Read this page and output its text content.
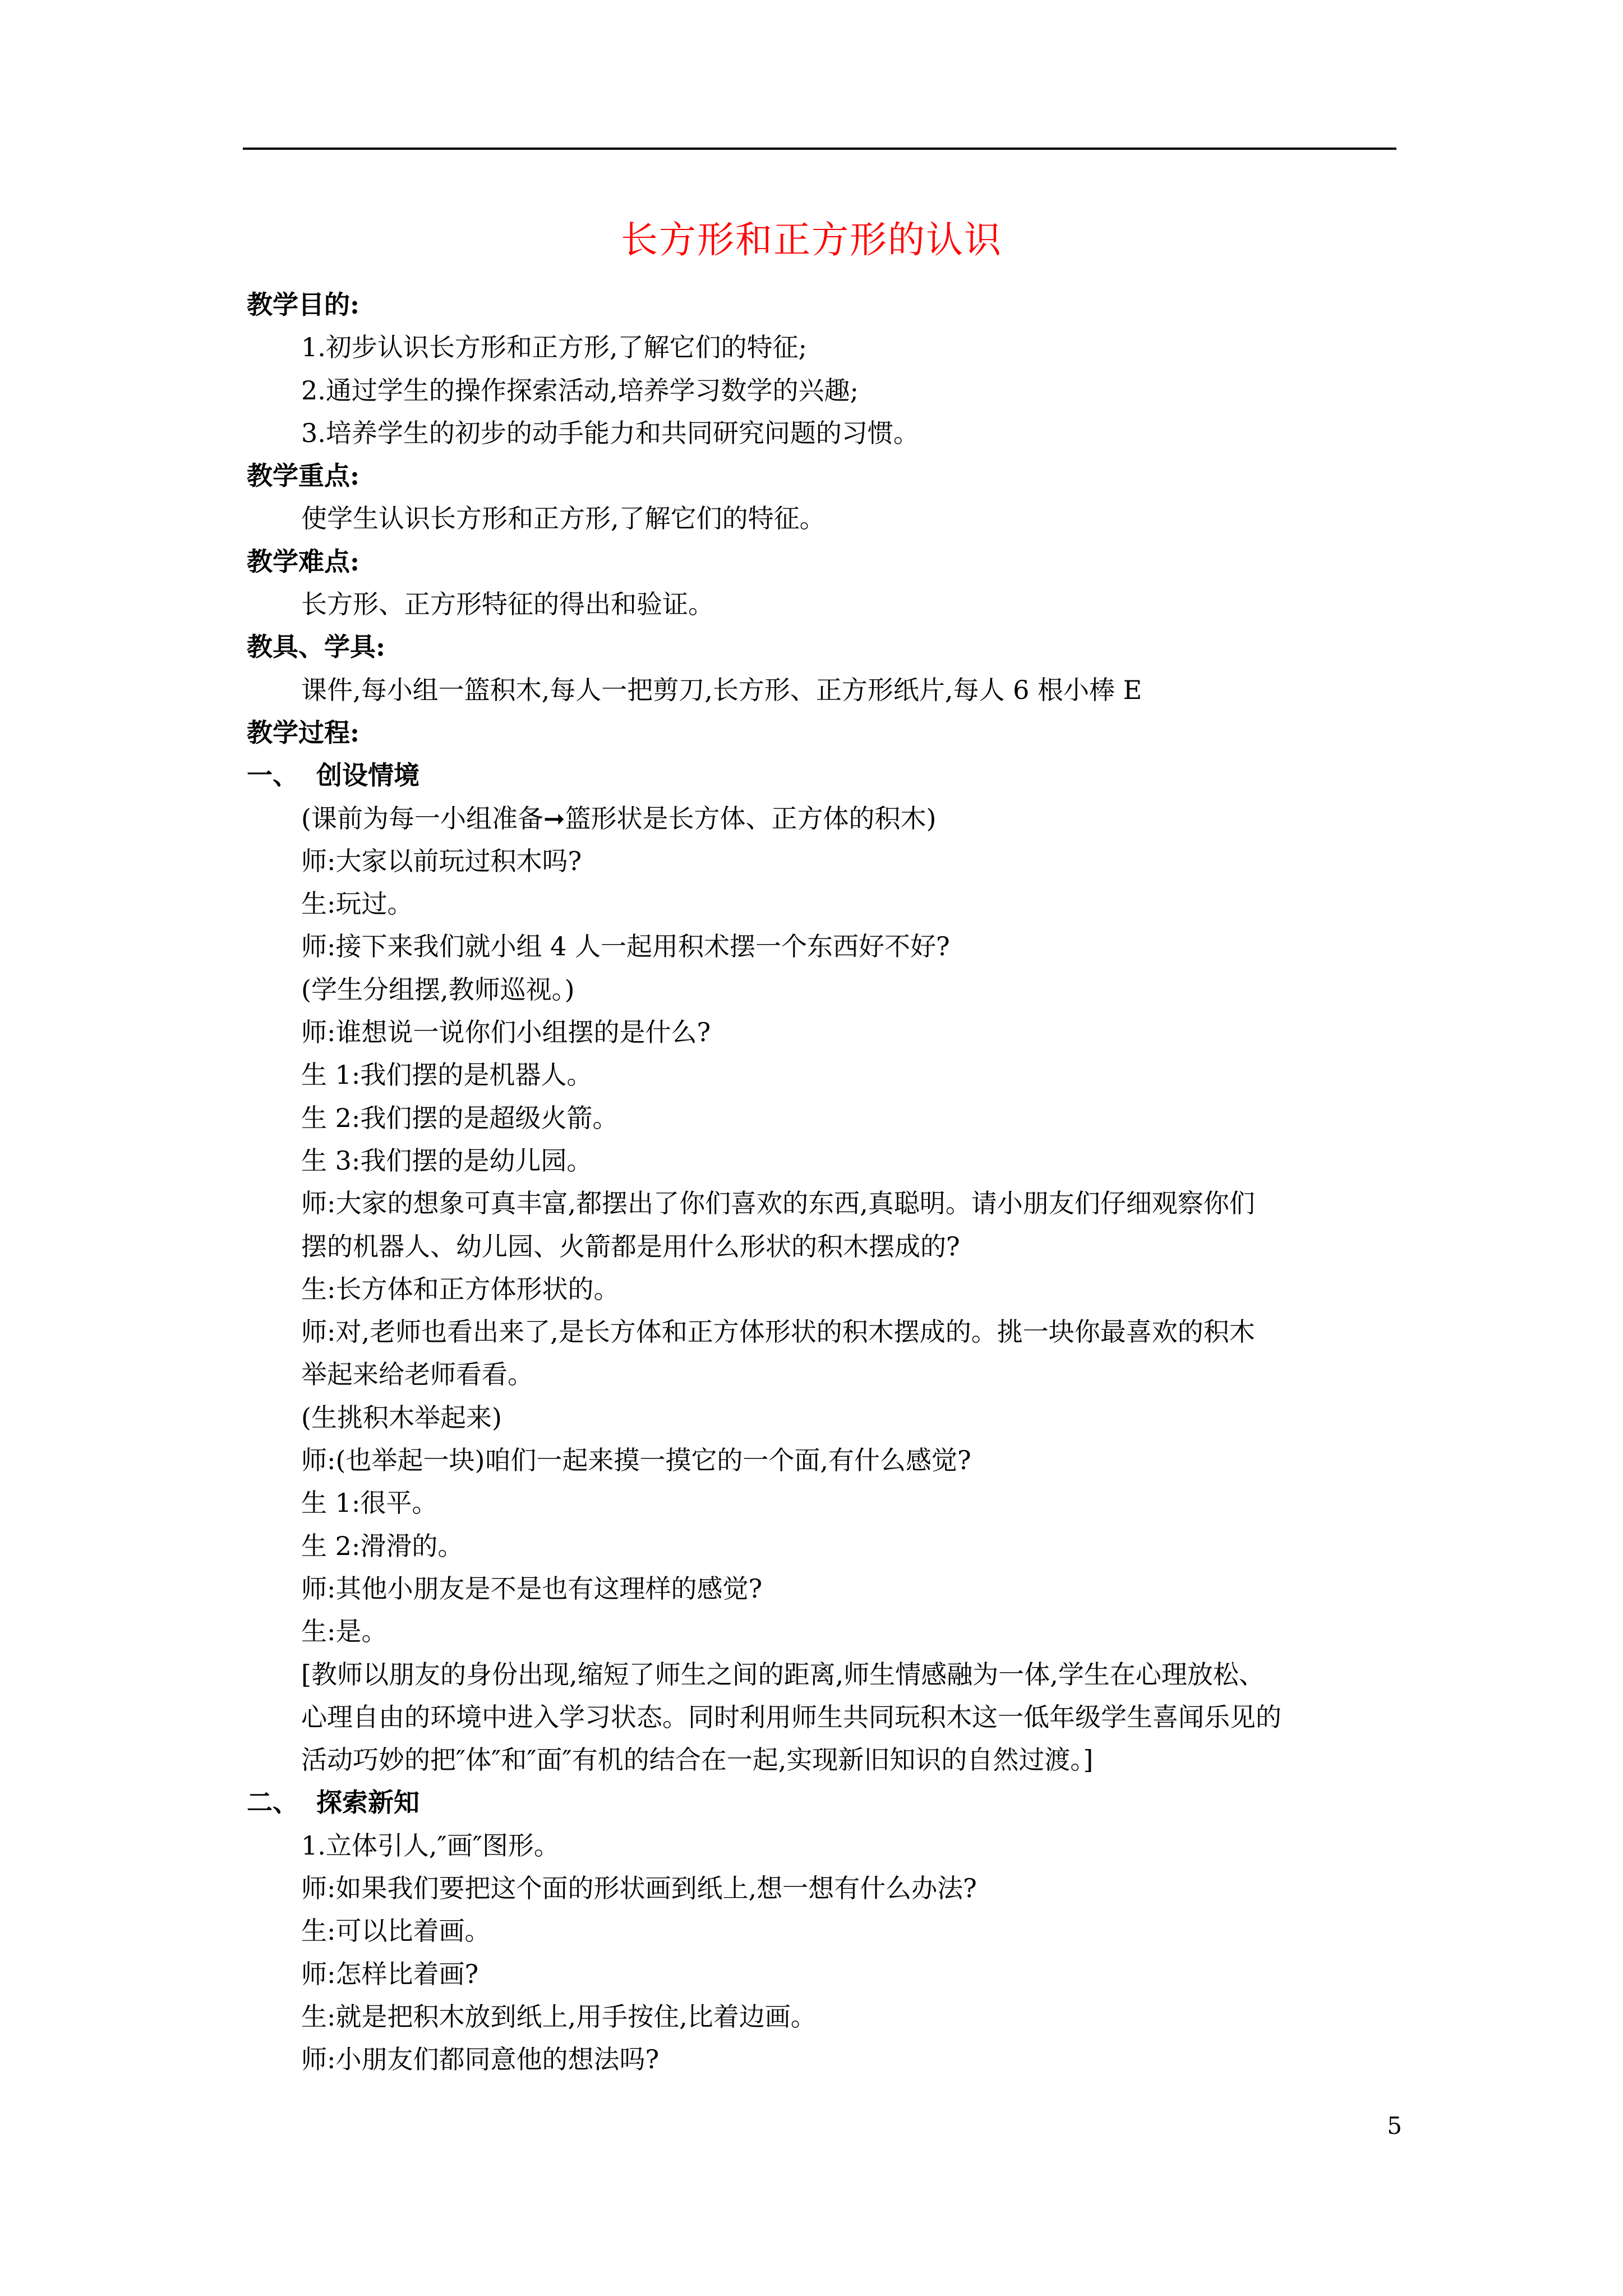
长方形和正方形的认识
教学目的:
1.初步认识长方形和正方形,了解它们的特征;
2.通过学生的操作探索活动,培养学习数学的兴趣;
3.培养学生的初步的动手能力和共同研究问题的习惯。
教学重点:
使学生认识长方形和正方形,了解它们的特征。
教学难点:
长方形、正方形特征的得出和验证。
教具、学具:
课件,每小组一篮积木,每人一把剪刀,长方形、正方形纸片,每人 6 根小棒 E
教学过程:
一、  创设情境
(课前为每一小组准备➞篮形状是长方体、正方体的积木)
师:大家以前玩过积木吗?
生:玩过。
师:接下来我们就小组 4 人一起用积术摆一个东西好不好?
(学生分组摆,教师巡视。)
师:谁想说一说你们小组摆的是什么?
生 1:我们摆的是机器人。
生 2:我们摆的是超级火箭。
生 3:我们摆的是幼儿园。
师:大家的想象可真丰富,都摆出了你们喜欢的东西,真聪明。请小朋友们仔细观察你们
摆的机器人、幼儿园、火箭都是用什么形状的积木摆成的?
生:长方体和正方体形状的。
师:对,老师也看出来了,是长方体和正方体形状的积木摆成的。挑一块你最喜欢的积木
举起来给老师看看。
(生挑积木举起来)
师:(也举起一块)咱们一起来摸一摸它的一个面,有什么感觉?
生 1:很平。
生 2:滑滑的。
师:其他小朋友是不是也有这理样的感觉?
生:是。
[教师以朋友的身份出现,缩短了师生之间的距离,师生情感融为一体,学生在心理放松、
心理自由的环境中进入学习状态。同时利用师生共同玩积木这一低年级学生喜闻乐见的
活动巧妙的把″体″和″面″有机的结合在一起,实现新旧知识的自然过渡。]
二、  探索新知
1.立体引人,″画″图形。
师:如果我们要把这个面的形状画到纸上,想一想有什么办法?
生:可以比着画。
师:怎样比着画?
生:就是把积木放到纸上,用手按住,比着边画。
师:小朋友们都同意他的想法吗?
5
